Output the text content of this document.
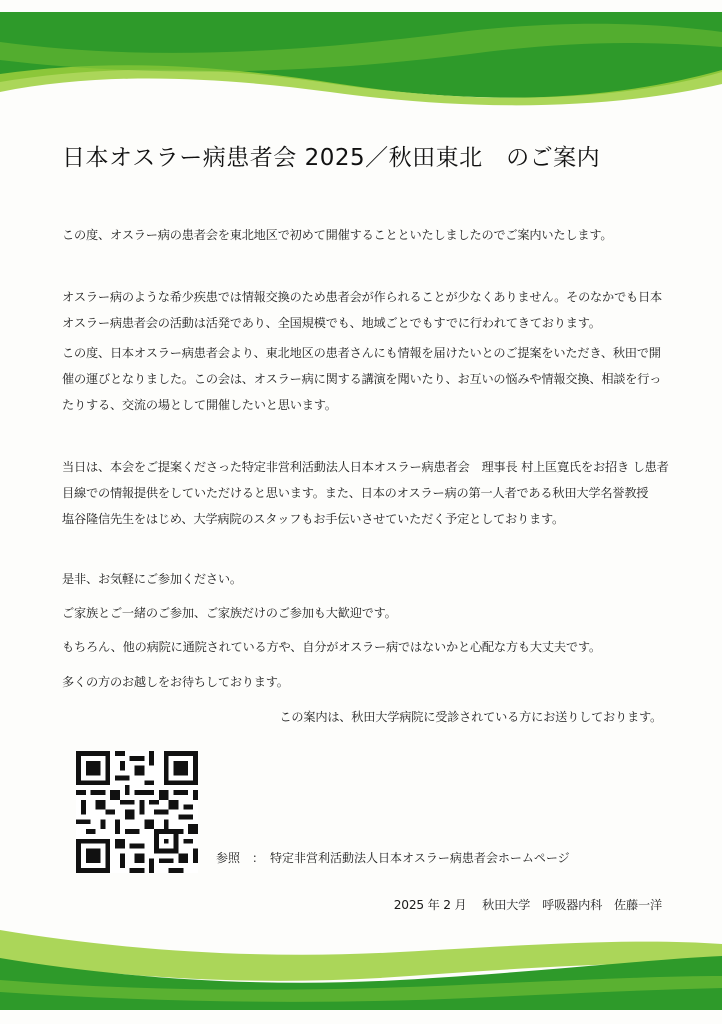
日本オスラー病患者会 2025／秋田東北　のご案内

この度、オスラー病の患者会を東北地区で初めて開催することといたしましたのでご案内いたします。

オスラー病のような希少疾患では情報交換のため患者会が作られることが少なくありません。そのなかでも日本オスラー病患者会の活動は活発であり、全国規模でも、地域ごとでもすでに行われてきております。

この度、日本オスラー病患者会より、東北地区の患者さんにも情報を届けたいとのご提案をいただき、秋田で開催の運びとなりました。この会は、オスラー病に関する講演を聞いたり、お互いの悩みや情報交換、相談を行ったりする、交流の場として開催したいと思います。

当日は、本会をご提案くださった特定非営利活動法人日本オスラー病患者会　理事長 村上匡寛氏をお招き し患者目線での情報提供をしていただけると思います。また、日本のオスラー病の第一人者である秋田大学名誉教授　塩谷隆信先生をはじめ、大学病院のスタッフもお手伝いさせていただく予定としております。

是非、お気軽にご参加ください。
ご家族とご一緒のご参加、ご家族だけのご参加も大歓迎です。
もちろん、他の病院に通院されている方や、自分がオスラー病ではないかと心配な方も大丈夫です。
多くの方のお越しをお待ちしております。
この案内は、秋田大学病院に受診されている方にお送りしております。
参照　：　特定非営利活動法人日本オスラー病患者会ホームページ
2025 年 2 月　 秋田大学　呼吸器内科　佐藤一洋
